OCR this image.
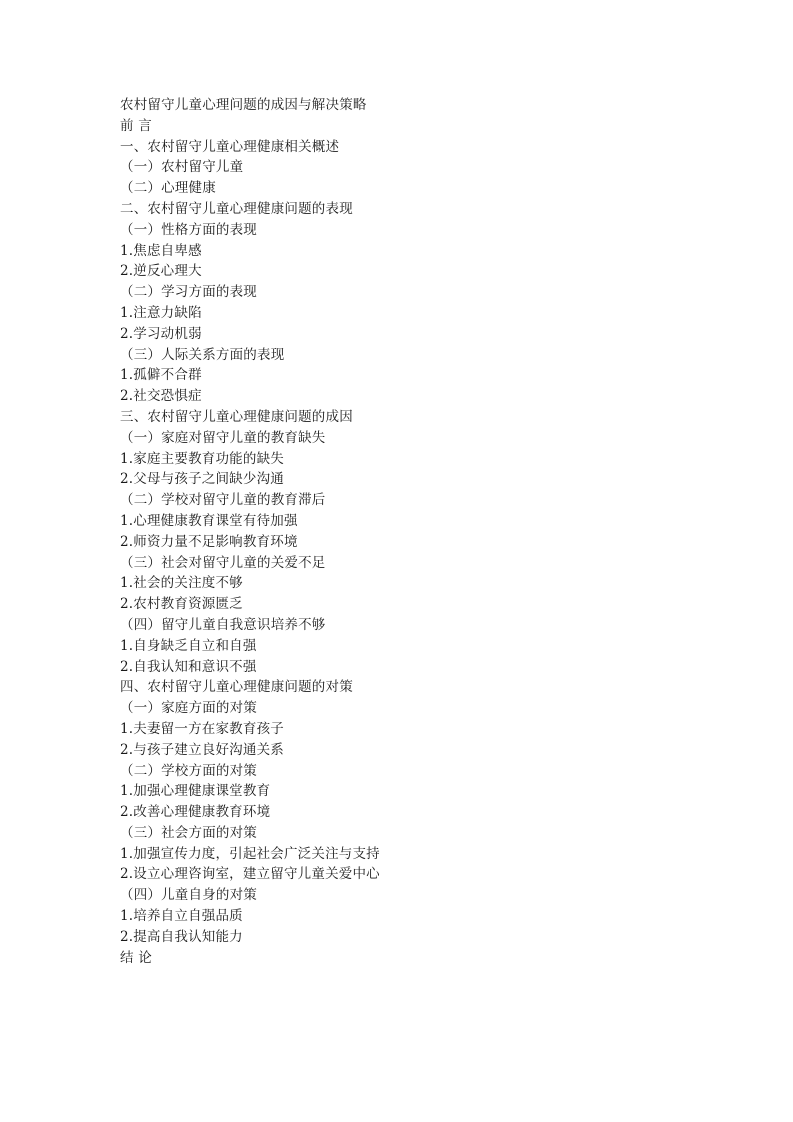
农村留守儿童心理问题的成因与解决策略
前 言
一、农村留守儿童心理健康相关概述
（一）农村留守儿童
（二）心理健康
二、农村留守儿童心理健康问题的表现
（一）性格方面的表现
1.焦虑自卑感
2.逆反心理大
（二）学习方面的表现
1.注意力缺陷
2.学习动机弱
（三）人际关系方面的表现
1.孤僻不合群
2.社交恐惧症
三、农村留守儿童心理健康问题的成因
（一）家庭对留守儿童的教育缺失
1.家庭主要教育功能的缺失
2.父母与孩子之间缺少沟通
（二）学校对留守儿童的教育滞后
1.心理健康教育课堂有待加强
2.师资力量不足影响教育环境
（三）社会对留守儿童的关爱不足
1.社会的关注度不够
2.农村教育资源匮乏
（四）留守儿童自我意识培养不够
1.自身缺乏自立和自强
2.自我认知和意识不强
四、农村留守儿童心理健康问题的对策
（一）家庭方面的对策
1.夫妻留一方在家教育孩子
2.与孩子建立良好沟通关系
（二）学校方面的对策
1.加强心理健康课堂教育
2.改善心理健康教育环境
（三）社会方面的对策
1.加强宣传力度，引起社会广泛关注与支持
2.设立心理咨询室，建立留守儿童关爱中心
（四）儿童自身的对策
1.培养自立自强品质
2.提高自我认知能力
结 论
